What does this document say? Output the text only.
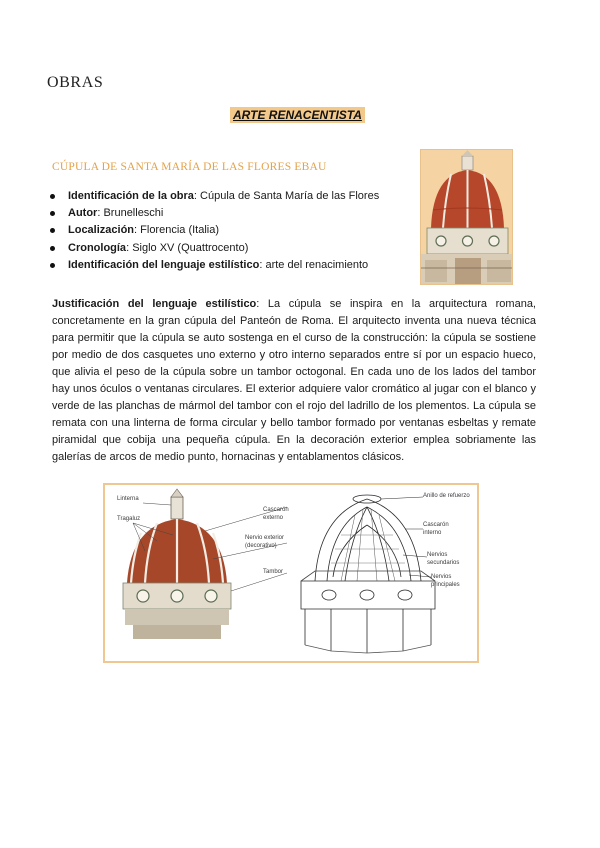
OBRAS
ARTE RENACENTISTA
CÚPULA DE SANTA MARÍA DE LAS FLORES EBAU
Identificación de la obra: Cúpula de Santa María de las Flores
Autor: Brunelleschi
Localización: Florencia (Italia)
Cronología: Siglo XV (Quattrocento)
Identificación del lenguaje estilístico: arte del renacimiento

Justificación del lenguaje estilístico: La cúpula se inspira en la arquitectura romana, concretamente en la gran cúpula del Panteón de Roma. El arquitecto inventa una nueva técnica para permitir que la cúpula se auto sostenga en el curso de la construcción: la cúpula se sostiene por medio de dos casquetes uno externo y otro interno separados entre sí por un espacio hueco, que alivia el peso de la cúpula sobre un tambor octogonal. En cada uno de los lados del tambor hay unos óculos o ventanas circulares. El exterior adquiere valor cromático al jugar con el blanco y verde de las planchas de mármol del tambor con el rojo del ladrillo de los plementos. La cúpula se remata con una linterna de forma circular y bello tambor formado por ventanas esbeltas y remate piramidal que cobija una pequeña cúpula. En la decoración exterior emplea sobriamente las galerías de arcos de medio punto, hornacinas y entablamentos clásicos.

Linterna
Tragaluz
Cascarón
externo
Nervio exterior
(decorativo)
Tambor
Anillo de refuerzo
Cascarón
interno
Nervios
secundarios
Nervios
principales
